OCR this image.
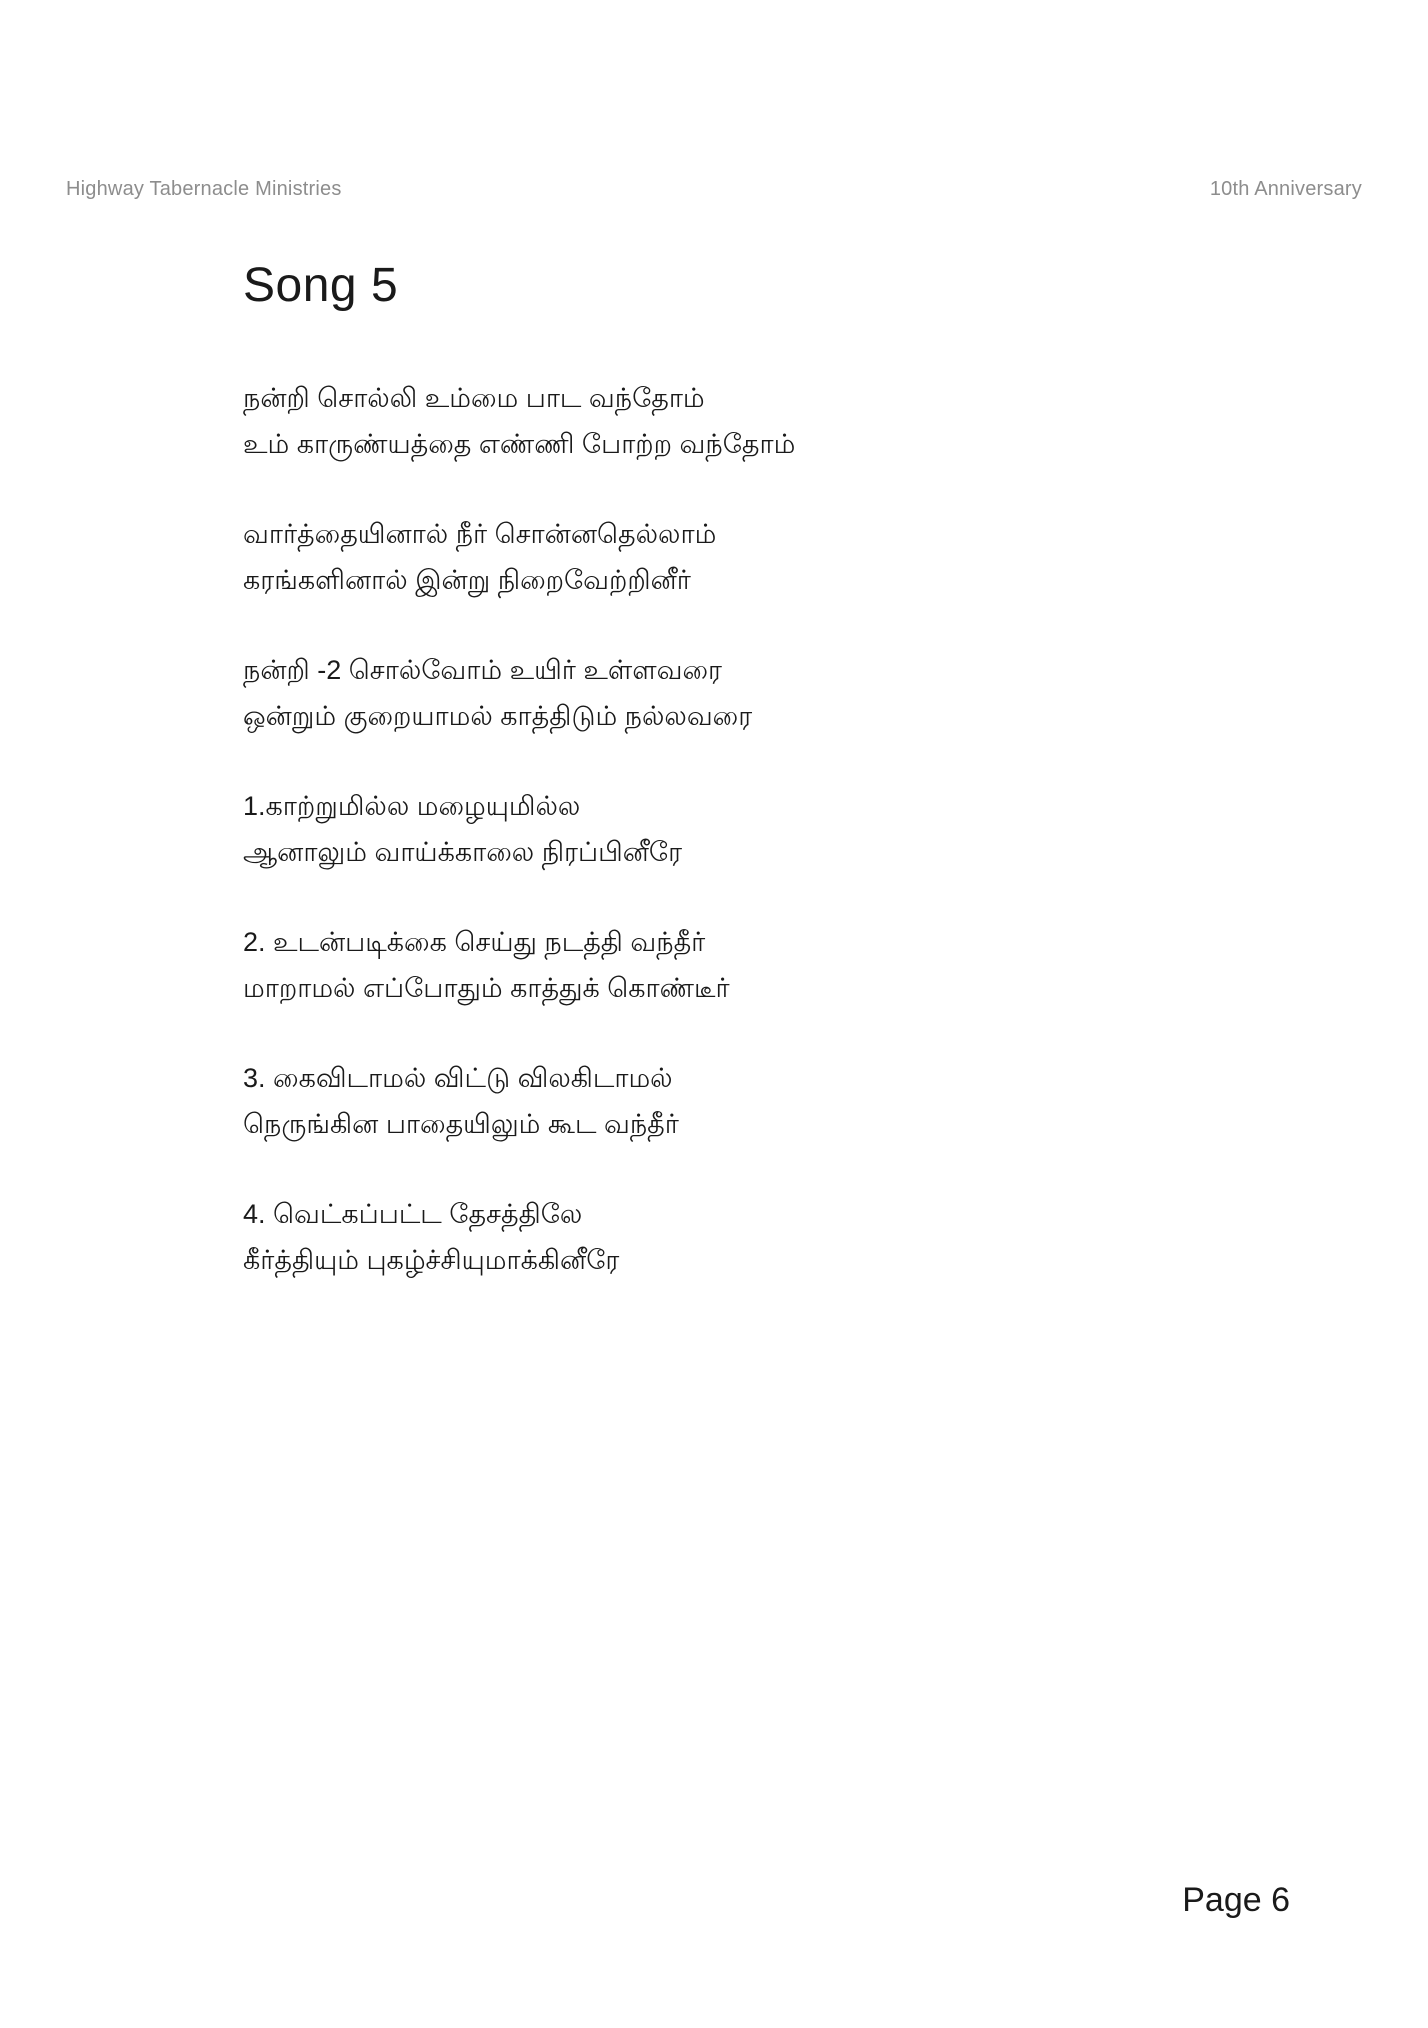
Highway Tabernacle Ministries	10th Anniversary
Song 5
நன்றி சொல்லி உம்மை பாட வந்தோம்
உம் காருண்யத்தை எண்ணி போற்ற வந்தோம்
வார்த்தையினால் நீர் சொன்னதெல்லாம்
கரங்களினால் இன்று நிறைவேற்றினீர்
நன்றி -2 சொல்வோம் உயிர் உள்ளவரை
ஒன்றும் குறையாமல் காத்திடும் நல்லவரை
1.காற்றுமில்ல மழையுமில்ல
ஆனாலும் வாய்க்காலை நிரப்பினீரே
2. உடன்படிக்கை செய்து நடத்தி வந்தீர்
மாறாமல் எப்போதும் காத்துக் கொண்டீர்
3. கைவிடாமல் விட்டு விலகிடாமல்
நெருங்கின பாதையிலும் கூட வந்தீர்
4. வெட்கப்பட்ட தேசத்திலே
கீர்த்தியும் புகழ்ச்சியுமாக்கினீரே
Page 6
